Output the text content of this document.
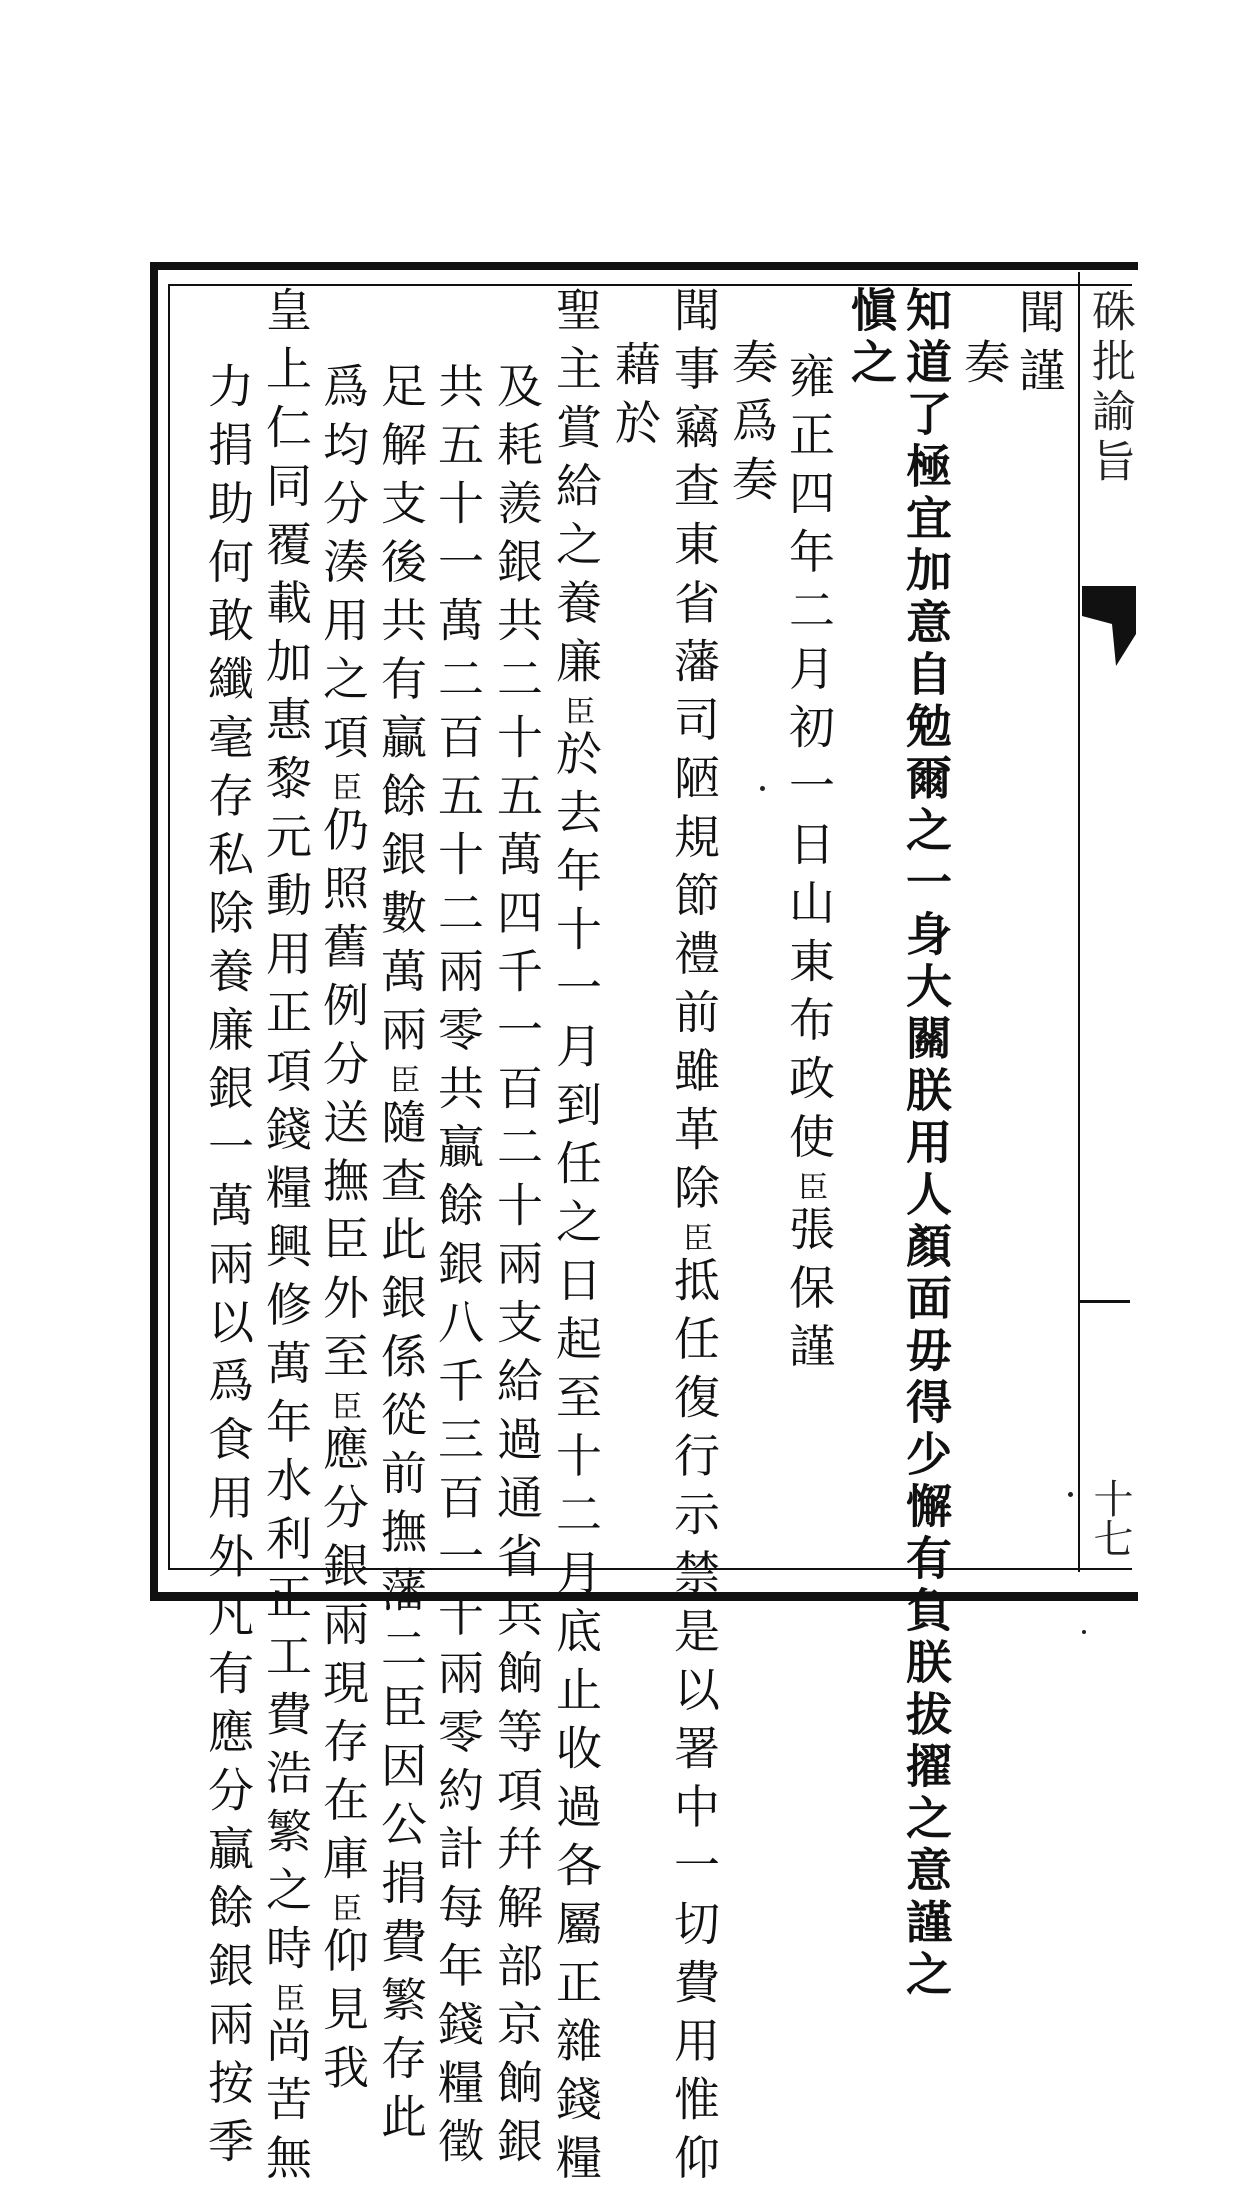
硃批諭旨
十七
聞謹
奏
知道了極宜加意自勉爾之一身大關朕用人顏面毋得少懈有負朕拔擢之意謹之
愼之
雍正四年二月初一日山東布政使臣張保謹
奏爲奏
聞事竊查東省藩司陋規節禮前雖革除臣抵任復行示禁是以署中一切費用惟仰
藉於
聖主賞給之養廉臣於去年十一月到任之日起至十二月底止收過各屬正雜錢糧
及耗羨銀共二十五萬四千一百二十兩支給過通省兵餉等項幷解部京餉銀
共五十一萬二百五十二兩零共贏餘銀八千三百一十兩零約計每年錢糧徵
足解支後共有贏餘銀數萬兩臣隨查此銀係從前撫藩二臣因公捐費繁存此
爲均分湊用之項臣仍照舊例分送撫臣外至臣應分銀兩現存在庫臣仰見我
皇上仁同覆載加惠黎元動用正項錢糧興修萬年水利正工費浩繁之時臣尚苦無
力捐助何敢纖毫存私除養廉銀一萬兩以爲食用外凡有應分贏餘銀兩按季
